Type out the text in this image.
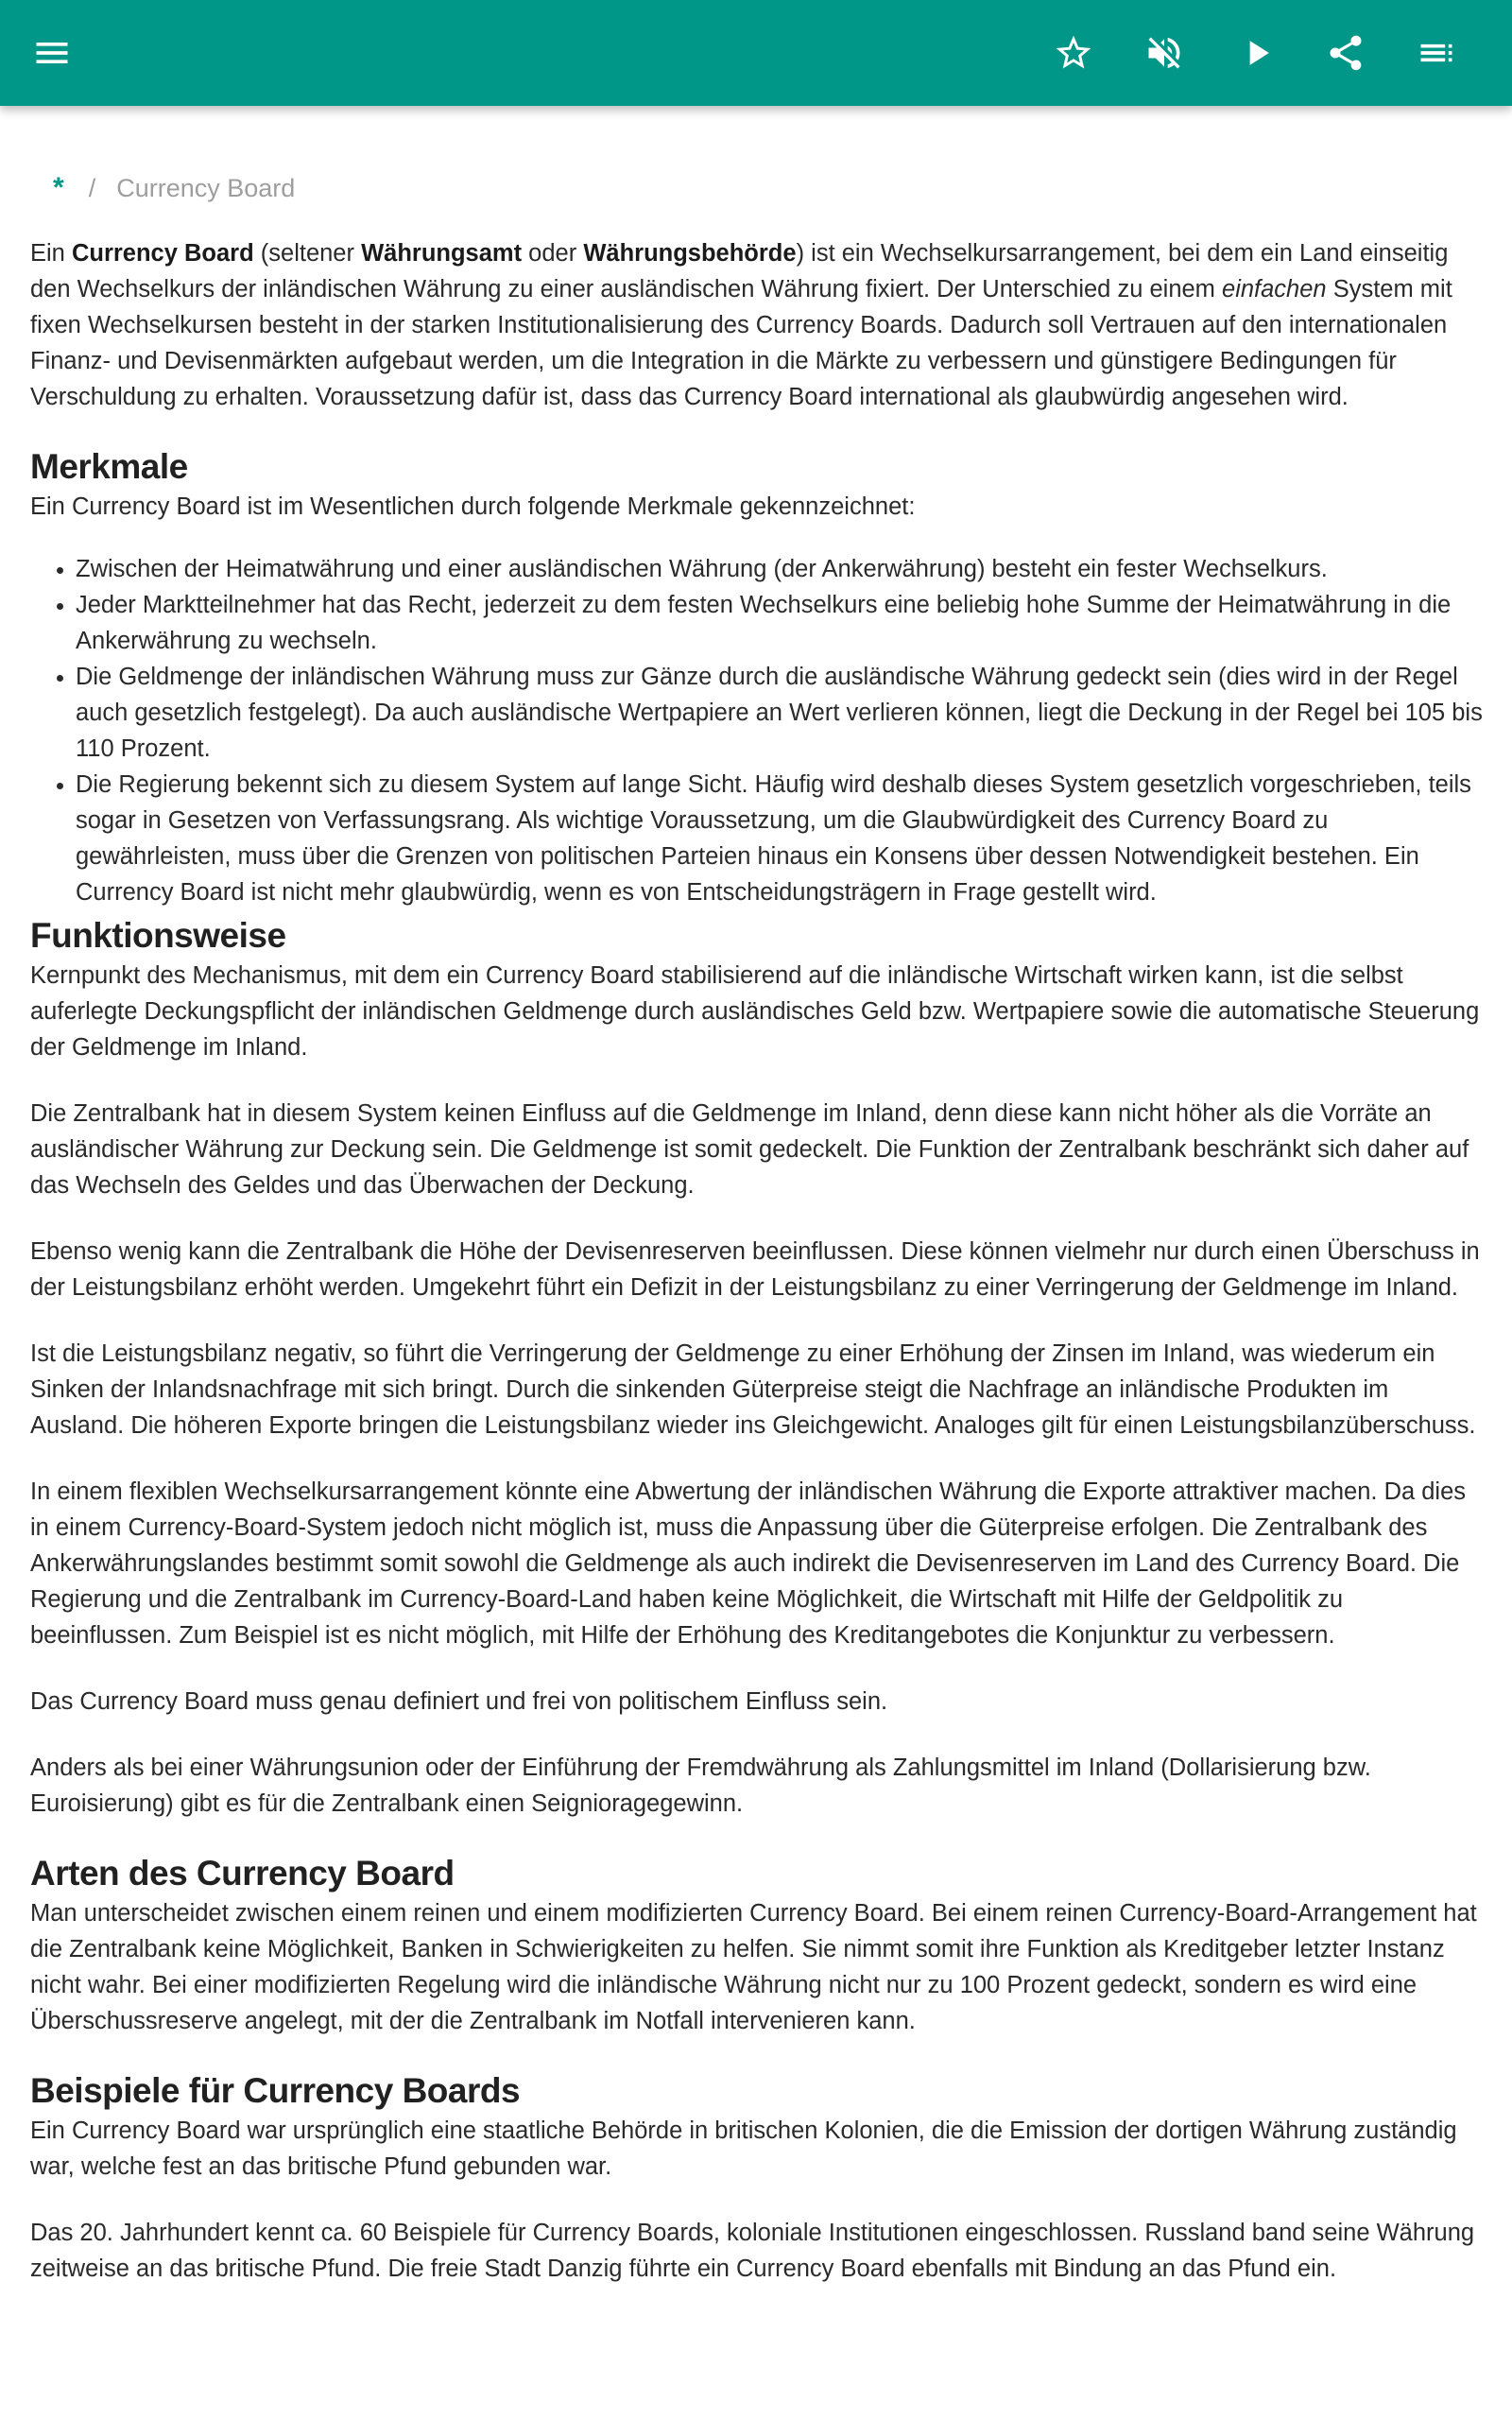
* / Currency Board

Ein Currency Board (seltener Währungsamt oder Währungsbehörde) ist ein Wechselkursarrangement, bei dem ein Land einseitig den Wechselkurs der inländischen Währung zu einer ausländischen Währung fixiert. Der Unterschied zu einem einfachen System mit fixen Wechselkursen besteht in der starken Institutionalisierung des Currency Boards. Dadurch soll Vertrauen auf den internationalen Finanz- und Devisenmärkten aufgebaut werden, um die Integration in die Märkte zu verbessern und günstigere Bedingungen für Verschuldung zu erhalten. Voraussetzung dafür ist, dass das Currency Board international als glaubwürdig angesehen wird.

Merkmale

Ein Currency Board ist im Wesentlichen durch folgende Merkmale gekennzeichnet:

• Zwischen der Heimatwährung und einer ausländischen Währung (der Ankerwährung) besteht ein fester Wechselkurs.
• Jeder Marktteilnehmer hat das Recht, jederzeit zu dem festen Wechselkurs eine beliebig hohe Summe der Heimatwährung in die Ankerwährung zu wechseln.
• Die Geldmenge der inländischen Währung muss zur Gänze durch die ausländische Währung gedeckt sein (dies wird in der Regel auch gesetzlich festgelegt). Da auch ausländische Wertpapiere an Wert verlieren können, liegt die Deckung in der Regel bei 105 bis 110 Prozent.
• Die Regierung bekennt sich zu diesem System auf lange Sicht. Häufig wird deshalb dieses System gesetzlich vorgeschrieben, teils sogar in Gesetzen von Verfassungsrang. Als wichtige Voraussetzung, um die Glaubwürdigkeit des Currency Board zu gewährleisten, muss über die Grenzen von politischen Parteien hinaus ein Konsens über dessen Notwendigkeit bestehen. Ein Currency Board ist nicht mehr glaubwürdig, wenn es von Entscheidungsträgern in Frage gestellt wird.
Funktionsweise

Kernpunkt des Mechanismus, mit dem ein Currency Board stabilisierend auf die inländische Wirtschaft wirken kann, ist die selbst auferlegte Deckungspflicht der inländischen Geldmenge durch ausländisches Geld bzw. Wertpapiere sowie die automatische Steuerung der Geldmenge im Inland.

Die Zentralbank hat in diesem System keinen Einfluss auf die Geldmenge im Inland, denn diese kann nicht höher als die Vorräte an ausländischer Währung zur Deckung sein. Die Geldmenge ist somit gedeckelt. Die Funktion der Zentralbank beschränkt sich daher auf das Wechseln des Geldes und das Überwachen der Deckung.

Ebenso wenig kann die Zentralbank die Höhe der Devisenreserven beeinflussen. Diese können vielmehr nur durch einen Überschuss in der Leistungsbilanz erhöht werden. Umgekehrt führt ein Defizit in der Leistungsbilanz zu einer Verringerung der Geldmenge im Inland.

Ist die Leistungsbilanz negativ, so führt die Verringerung der Geldmenge zu einer Erhöhung der Zinsen im Inland, was wiederum ein Sinken der Inlandsnachfrage mit sich bringt. Durch die sinkenden Güterpreise steigt die Nachfrage an inländische Produkten im Ausland. Die höheren Exporte bringen die Leistungsbilanz wieder ins Gleichgewicht. Analoges gilt für einen Leistungsbilanzüberschuss.

In einem flexiblen Wechselkursarrangement könnte eine Abwertung der inländischen Währung die Exporte attraktiver machen. Da dies in einem Currency-Board-System jedoch nicht möglich ist, muss die Anpassung über die Güterpreise erfolgen. Die Zentralbank des Ankerwährungslandes bestimmt somit sowohl die Geldmenge als auch indirekt die Devisenreserven im Land des Currency Board. Die Regierung und die Zentralbank im Currency-Board-Land haben keine Möglichkeit, die Wirtschaft mit Hilfe der Geldpolitik zu beeinflussen. Zum Beispiel ist es nicht möglich, mit Hilfe der Erhöhung des Kreditangebotes die Konjunktur zu verbessern.

Das Currency Board muss genau definiert und frei von politischem Einfluss sein.

Anders als bei einer Währungsunion oder der Einführung der Fremdwährung als Zahlungsmittel im Inland (Dollarisierung bzw. Euroisierung) gibt es für die Zentralbank einen Seignioragegewinn.

Arten des Currency Board

Man unterscheidet zwischen einem reinen und einem modifizierten Currency Board. Bei einem reinen Currency-Board-Arrangement hat die Zentralbank keine Möglichkeit, Banken in Schwierigkeiten zu helfen. Sie nimmt somit ihre Funktion als Kreditgeber letzter Instanz nicht wahr. Bei einer modifizierten Regelung wird die inländische Währung nicht nur zu 100 Prozent gedeckt, sondern es wird eine Überschussreserve angelegt, mit der die Zentralbank im Notfall intervenieren kann.

Beispiele für Currency Boards

Ein Currency Board war ursprünglich eine staatliche Behörde in britischen Kolonien, die die Emission der dortigen Währung zuständig war, welche fest an das britische Pfund gebunden war.

Das 20. Jahrhundert kennt ca. 60 Beispiele für Currency Boards, koloniale Institutionen eingeschlossen. Russland band seine Währung zeitweise an das britische Pfund. Die freie Stadt Danzig führte ein Currency Board ebenfalls mit Bindung an das Pfund ein.
